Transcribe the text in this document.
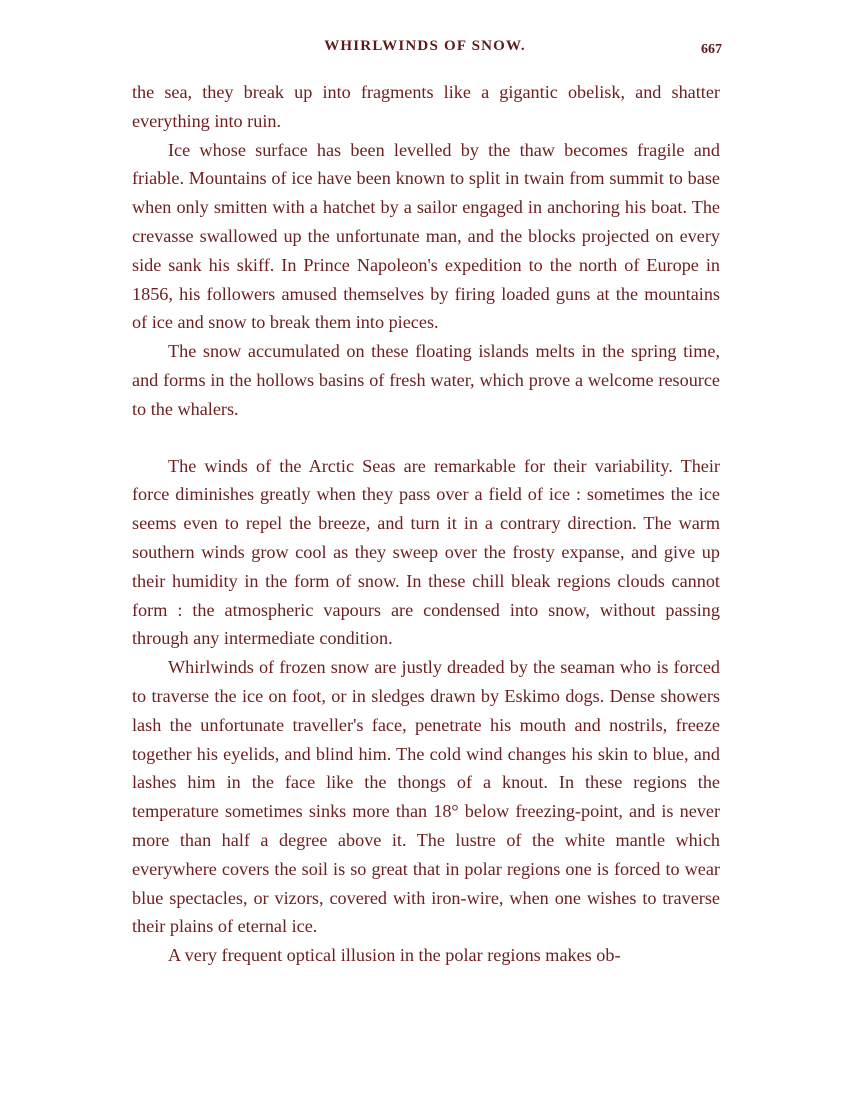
WHIRLWINDS OF SNOW.	667

the sea, they break up into fragments like a gigantic obelisk, and shatter everything into ruin.

Ice whose surface has been levelled by the thaw becomes fragile and friable. Mountains of ice have been known to split in twain from summit to base when only smitten with a hatchet by a sailor engaged in anchoring his boat. The crevasse swallowed up the unfortunate man, and the blocks projected on every side sank his skiff. In Prince Napoleon's expedition to the north of Europe in 1856, his followers amused themselves by firing loaded guns at the mountains of ice and snow to break them into pieces.

The snow accumulated on these floating islands melts in the spring time, and forms in the hollows basins of fresh water, which prove a welcome resource to the whalers.

The winds of the Arctic Seas are remarkable for their variability. Their force diminishes greatly when they pass over a field of ice : sometimes the ice seems even to repel the breeze, and turn it in a contrary direction. The warm southern winds grow cool as they sweep over the frosty expanse, and give up their humidity in the form of snow. In these chill bleak regions clouds cannot form : the atmospheric vapours are condensed into snow, without passing through any intermediate condition.

Whirlwinds of frozen snow are justly dreaded by the seaman who is forced to traverse the ice on foot, or in sledges drawn by Eskimo dogs. Dense showers lash the unfortunate traveller's face, penetrate his mouth and nostrils, freeze together his eyelids, and blind him. The cold wind changes his skin to blue, and lashes him in the face like the thongs of a knout. In these regions the temperature sometimes sinks more than 18° below freezing-point, and is never more than half a degree above it. The lustre of the white mantle which everywhere covers the soil is so great that in polar regions one is forced to wear blue spectacles, or vizors, covered with iron-wire, when one wishes to traverse their plains of eternal ice.

A very frequent optical illusion in the polar regions makes ob-
